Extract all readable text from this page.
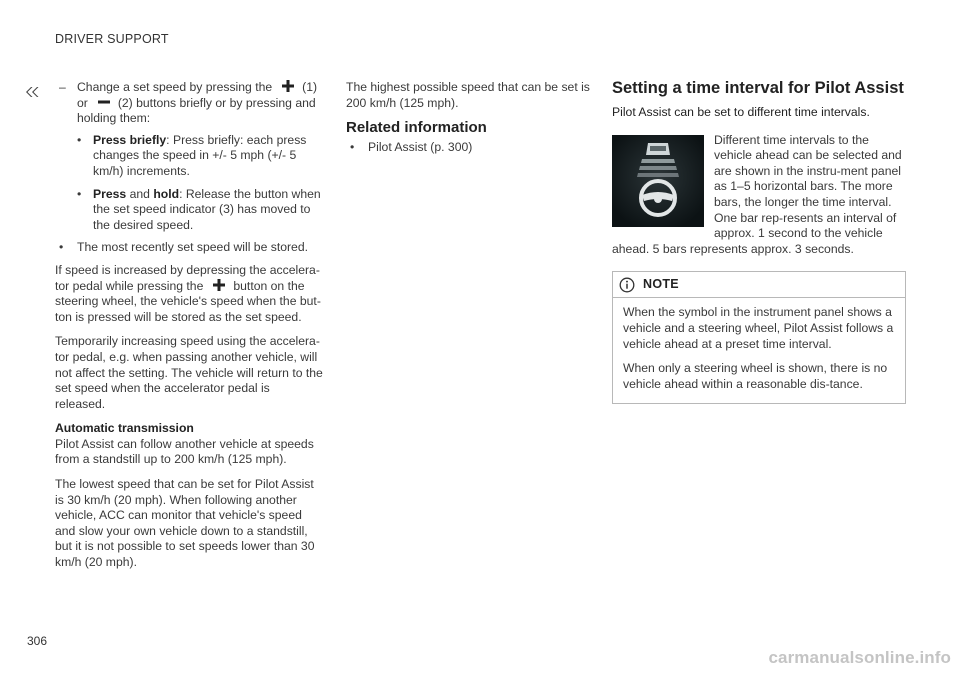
DRIVER SUPPORT
– Change a set speed by pressing the (1) or (2) buttons briefly or by pressing and holding them:
• Press briefly: Press briefly: each press changes the speed in +/- 5 mph (+/- 5 km/h) increments.
• Press and hold: Release the button when the set speed indicator (3) has moved to the desired speed.
• The most recently set speed will be stored.

If speed is increased by depressing the accelera-tor pedal while pressing the button on the steering wheel, the vehicle's speed when the but-ton is pressed will be stored as the set speed.

Temporarily increasing speed using the accelera-tor pedal, e.g. when passing another vehicle, will not affect the setting. The vehicle will return to the set speed when the accelerator pedal is released.

Automatic transmission

Pilot Assist can follow another vehicle at speeds from a standstill up to 200 km/h (125 mph).

The lowest speed that can be set for Pilot Assist is 30 km/h (20 mph). When following another vehicle, ACC can monitor that vehicle's speed and slow your own vehicle down to a standstill, but it is not possible to set speeds lower than 30 km/h (20 mph).

The highest possible speed that can be set is 200 km/h (125 mph).

Related information
• Pilot Assist (p. 300)
Setting a time interval for Pilot Assist
Pilot Assist can be set to different time intervals.

Different time intervals to the vehicle ahead can be selected and are shown in the instru-ment panel as 1–5 horizontal bars. The more bars, the longer the time interval. One bar rep-resents an interval of approx. 1 second to the vehicle ahead. 5 bars represents approx. 3 seconds.

NOTE

When the symbol in the instrument panel shows a vehicle and a steering wheel, Pilot Assist follows a vehicle ahead at a preset time interval.

When only a steering wheel is shown, there is no vehicle ahead within a reasonable dis-tance.

306
carmanualsonline.info
